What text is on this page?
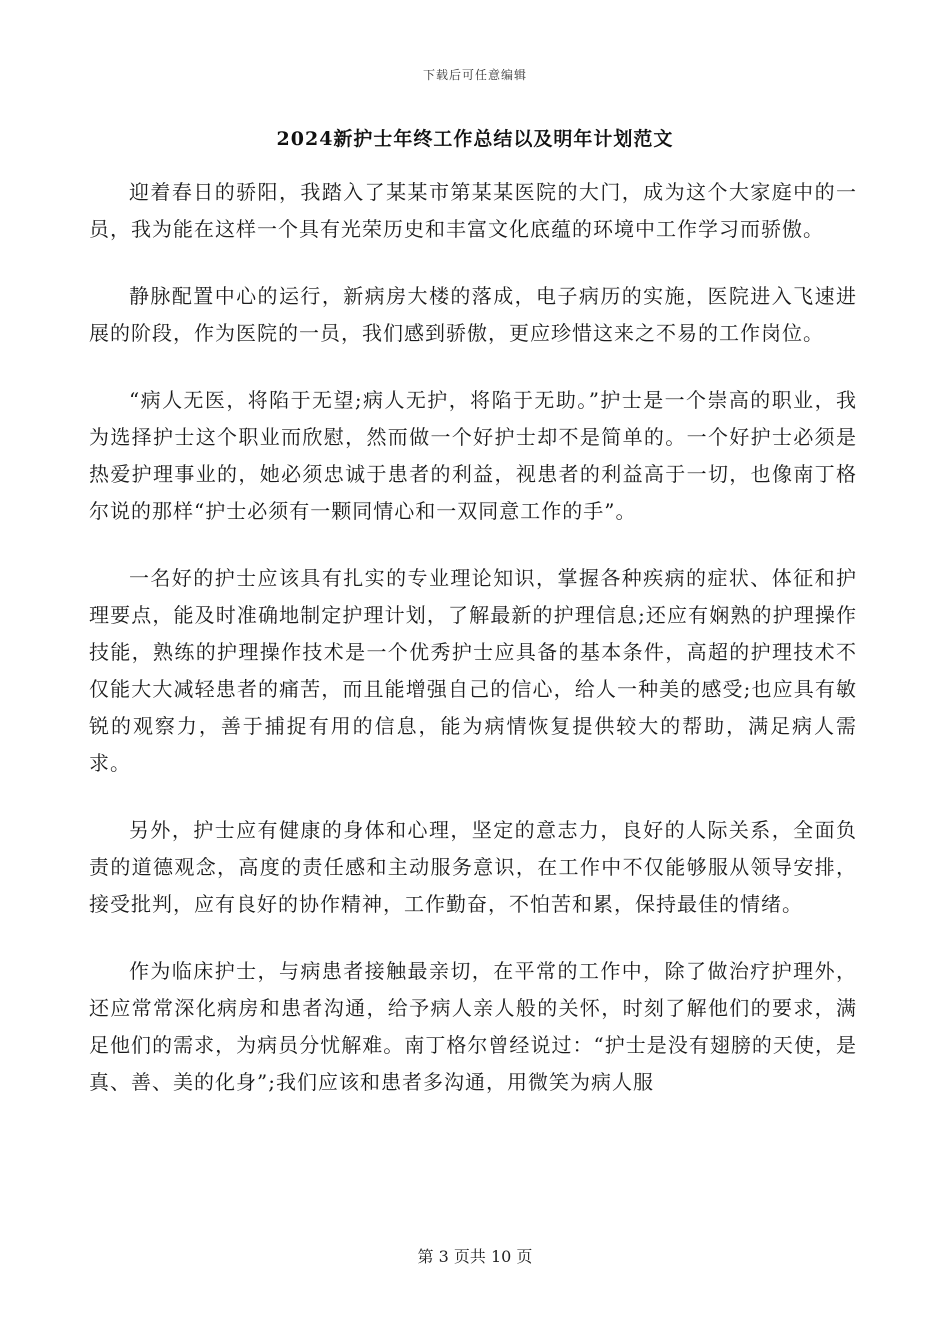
下载后可任意编辑
2024新护士年终工作总结以及明年计划范文

迎着春日的骄阳，我踏入了某某市第某某医院的大门，成为这个大家庭中的一员，我为能在这样一个具有光荣历史和丰富文化底蕴的环境中工作学习而骄傲。

静脉配置中心的运行，新病房大楼的落成，电子病历的实施，医院进入飞速进展的阶段，作为医院的一员，我们感到骄傲，更应珍惜这来之不易的工作岗位。

“病人无医，将陷于无望;病人无护，将陷于无助。”护士是一个崇高的职业，我为选择护士这个职业而欣慰，然而做一个好护士却不是简单的。一个好护士必须是热爱护理事业的，她必须忠诚于患者的利益，视患者的利益高于一切，也像南丁格尔说的那样“护士必须有一颗同情心和一双同意工作的手”。

一名好的护士应该具有扎实的专业理论知识，掌握各种疾病的症状、体征和护理要点，能及时准确地制定护理计划，了解最新的护理信息;还应有娴熟的护理操作技能，熟练的护理操作技术是一个优秀护士应具备的基本条件，高超的护理技术不仅能大大减轻患者的痛苦，而且能增强自己的信心，给人一种美的感受;也应具有敏锐的观察力，善于捕捉有用的信息，能为病情恢复提供较大的帮助，满足病人需求。

另外，护士应有健康的身体和心理，坚定的意志力，良好的人际关系，全面负责的道德观念，高度的责任感和主动服务意识，在工作中不仅能够服从领导安排，接受批判，应有良好的协作精神，工作勤奋，不怕苦和累，保持最佳的情绪。

作为临床护士，与病患者接触最亲切，在平常的工作中，除了做治疗护理外，还应常常深化病房和患者沟通，给予病人亲人般的关怀，时刻了解他们的要求，满足他们的需求，为病员分忧解难。南丁格尔曾经说过：“护士是没有翅膀的天使，是真、善、美的化身”;我们应该和患者多沟通，用微笑为病人服

第 3 页共 10 页
